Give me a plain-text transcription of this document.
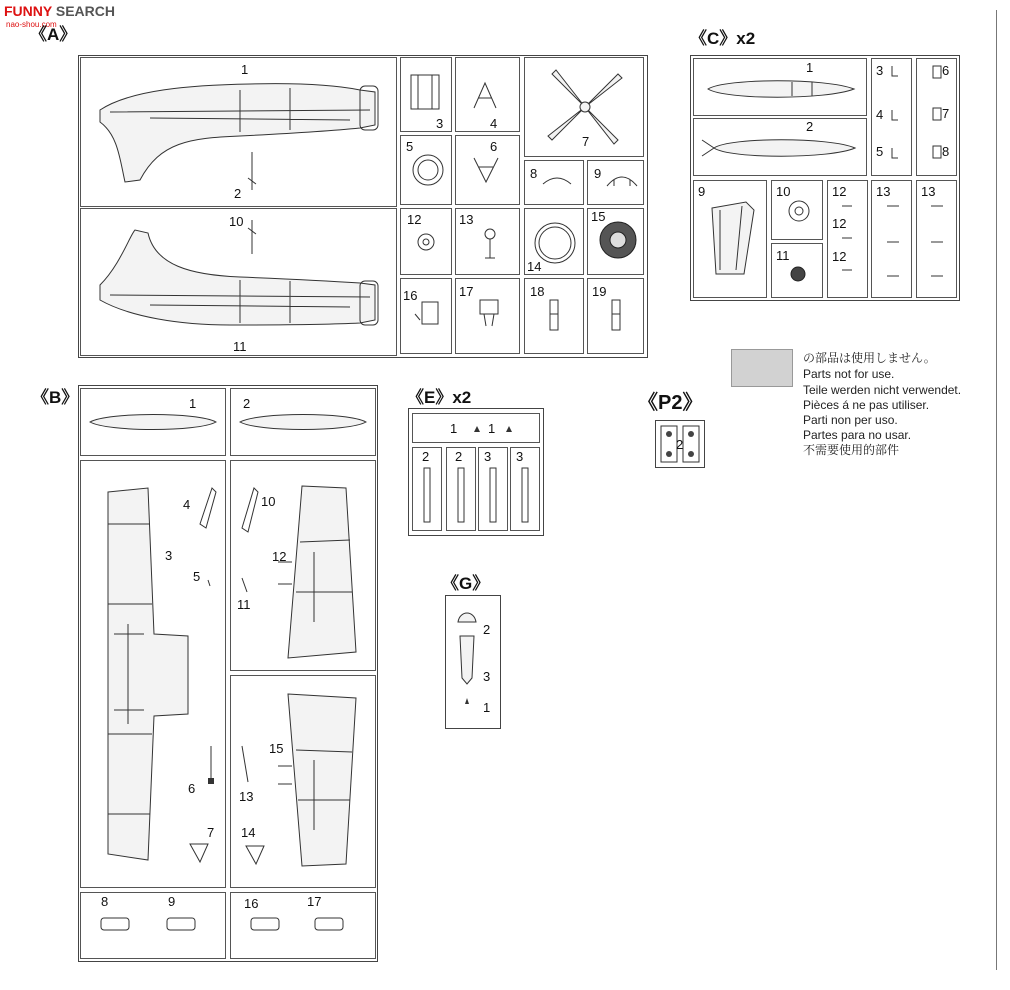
FUNNY SEARCH
nao-shou.com
《A》
1
2
3	4
5	6	7
8	9
10
11
12	13
14
15
16	17	18	19
《C》x2
1
2
3
4
5
6
7
8
9	10
11
12
12
12
13 13
《B》	1	2
3
4
5
6
7
8	9
10
11
12
13
14
15
16	17
《E》x2
1 1
2 2 3 3
《G》
2
3
1
《P2》
2
の部品は使用しません。
Parts not for use.
Teile werden nicht verwendet.
Pièces á ne pas utiliser.
Parti non per uso.
Partes para no usar.
不需要使用的部件
